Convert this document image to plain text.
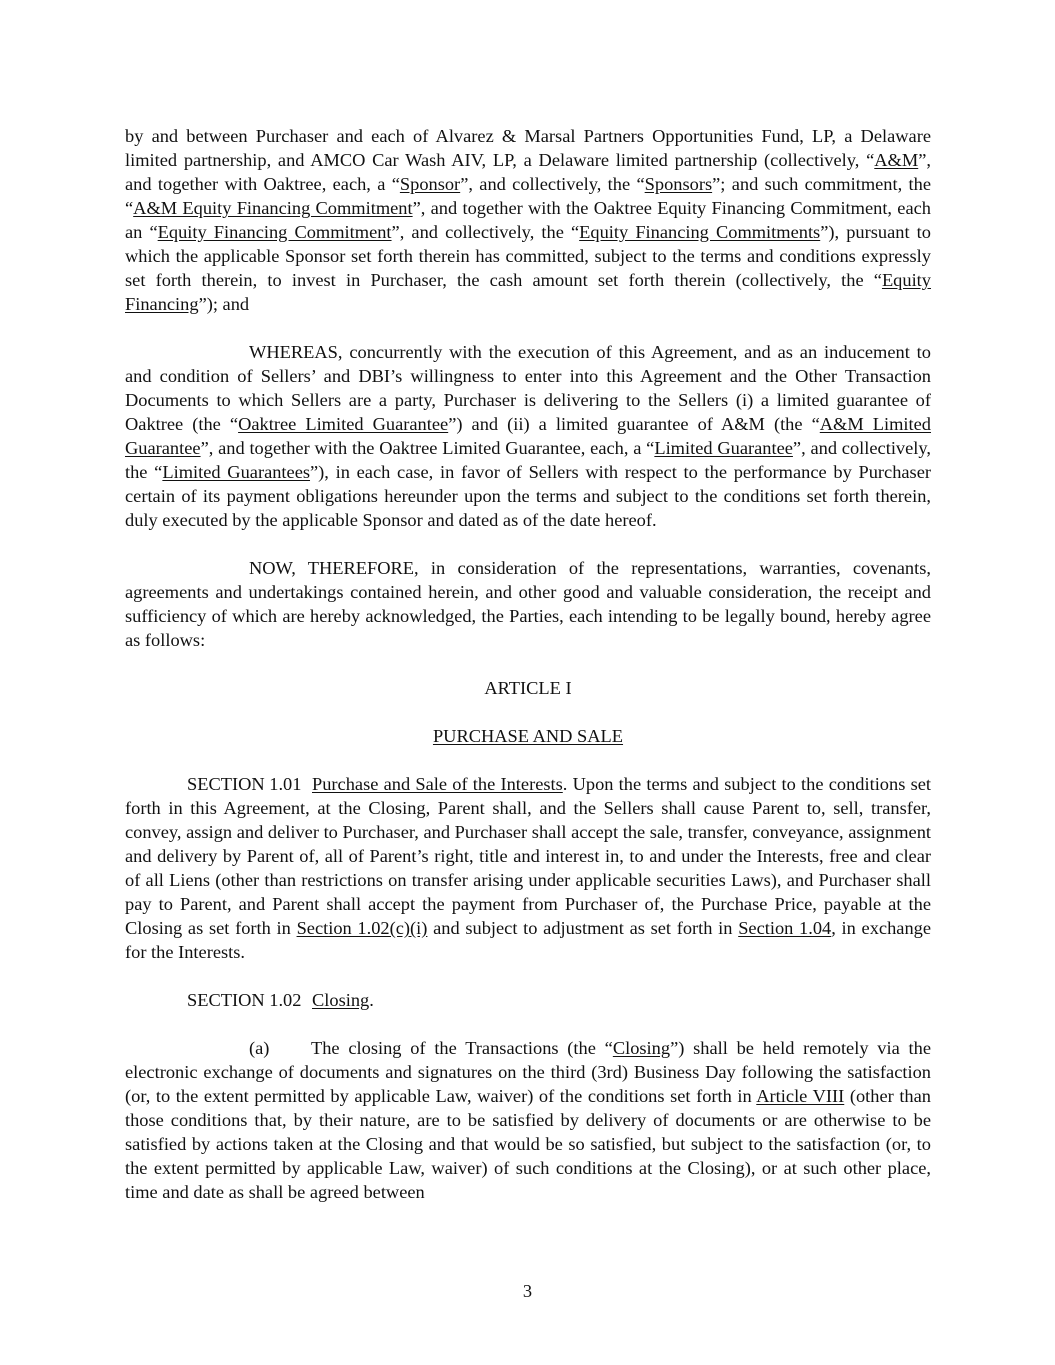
by and between Purchaser and each of Alvarez & Marsal Partners Opportunities Fund, LP, a Delaware limited partnership, and AMCO Car Wash AIV, LP, a Delaware limited partnership (collectively, “A&M”, and together with Oaktree, each, a “Sponsor”, and collectively, the “Sponsors”; and such commitment, the “A&M Equity Financing Commitment”, and together with the Oaktree Equity Financing Commitment, each an “Equity Financing Commitment”, and collectively, the “Equity Financing Commitments”), pursuant to which the applicable Sponsor set forth therein has committed, subject to the terms and conditions expressly set forth therein, to invest in Purchaser, the cash amount set forth therein (collectively, the “Equity Financing”); and

WHEREAS, concurrently with the execution of this Agreement, and as an inducement to and condition of Sellers’ and DBI’s willingness to enter into this Agreement and the Other Transaction Documents to which Sellers are a party, Purchaser is delivering to the Sellers (i) a limited guarantee of Oaktree (the “Oaktree Limited Guarantee”) and (ii) a limited guarantee of A&M (the “A&M Limited Guarantee”, and together with the Oaktree Limited Guarantee, each, a “Limited Guarantee”, and collectively, the “Limited Guarantees”), in each case, in favor of Sellers with respect to the performance by Purchaser certain of its payment obligations hereunder upon the terms and subject to the conditions set forth therein, duly executed by the applicable Sponsor and dated as of the date hereof.

NOW, THEREFORE, in consideration of the representations, warranties, covenants, agreements and undertakings contained herein, and other good and valuable consideration, the receipt and sufficiency of which are hereby acknowledged, the Parties, each intending to be legally bound, hereby agree as follows:

ARTICLE I

PURCHASE AND SALE

SECTION 1.01 Purchase and Sale of the Interests. Upon the terms and subject to the conditions set forth in this Agreement, at the Closing, Parent shall, and the Sellers shall cause Parent to, sell, transfer, convey, assign and deliver to Purchaser, and Purchaser shall accept the sale, transfer, conveyance, assignment and delivery by Parent of, all of Parent’s right, title and interest in, to and under the Interests, free and clear of all Liens (other than restrictions on transfer arising under applicable securities Laws), and Purchaser shall pay to Parent, and Parent shall accept the payment from Purchaser of, the Purchase Price, payable at the Closing as set forth in Section 1.02(c)(i) and subject to adjustment as set forth in Section 1.04, in exchange for the Interests.

SECTION 1.02 Closing.

(a) The closing of the Transactions (the “Closing”) shall be held remotely via the electronic exchange of documents and signatures on the third (3rd) Business Day following the satisfaction (or, to the extent permitted by applicable Law, waiver) of the conditions set forth in Article VIII (other than those conditions that, by their nature, are to be satisfied by delivery of documents or are otherwise to be satisfied by actions taken at the Closing and that would be so satisfied, but subject to the satisfaction (or, to the extent permitted by applicable Law, waiver) of such conditions at the Closing), or at such other place, time and date as shall be agreed between

3
